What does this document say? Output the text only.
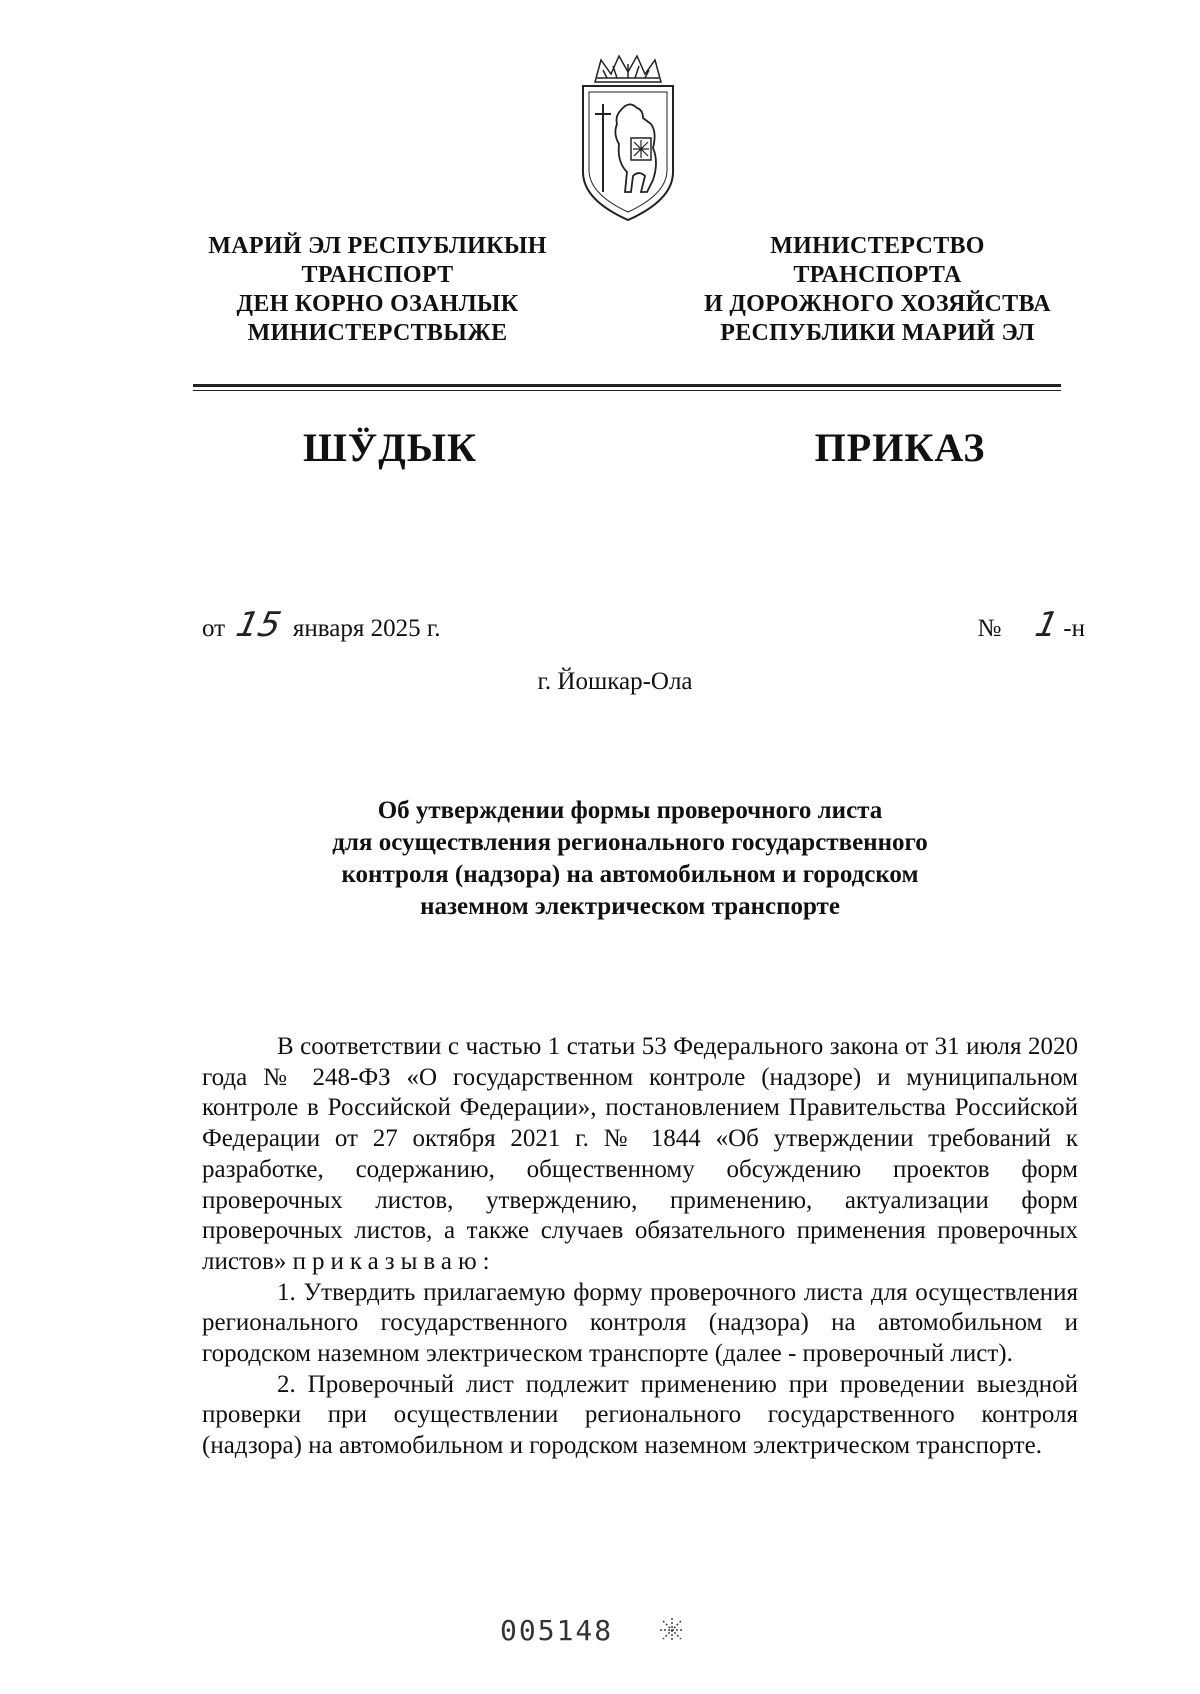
МАРИЙ ЭЛ РЕСПУБЛИКЫН
ТРАНСПОРТ
ДЕН КОРНО ОЗАНЛЫК
МИНИСТЕРСТВЫЖЕ
МИНИСТЕРСТВО
ТРАНСПОРТА
И ДОРОЖНОГО ХОЗЯЙСТВА
РЕСПУБЛИКИ МАРИЙ ЭЛ
ШӰДЫК	ПРИКАЗ
от 15 января 2025 г.	№ 1-н
г. Йошкар-Ола
Об утверждении формы проверочного листа
для осуществления регионального государственного
контроля (надзора) на автомобильном и городском
наземном электрическом транспорте

В соответствии с частью 1 статьи 53 Федерального закона от 31 июля 2020 года № 248-ФЗ «О государственном контроле (надзоре) и муниципальном контроле в Российской Федерации», постановлением Правительства Российской Федерации от 27 октября 2021 г. № 1844 «Об утверждении требований к разработке, содержанию, общественному обсуждению проектов форм проверочных листов, утверждению, применению, актуализации форм проверочных листов, а также случаев обязательного применения проверочных листов» приказываю:

1. Утвердить прилагаемую форму проверочного листа для осуществления регионального государственного контроля (надзора) на автомобильном и городском наземном электрическом транспорте (далее - проверочный лист).

2. Проверочный лист подлежит применению при проведении выездной проверки при осуществлении регионального государственного контроля (надзора) на автомобильном и городском наземном электрическом транспорте.

005148
